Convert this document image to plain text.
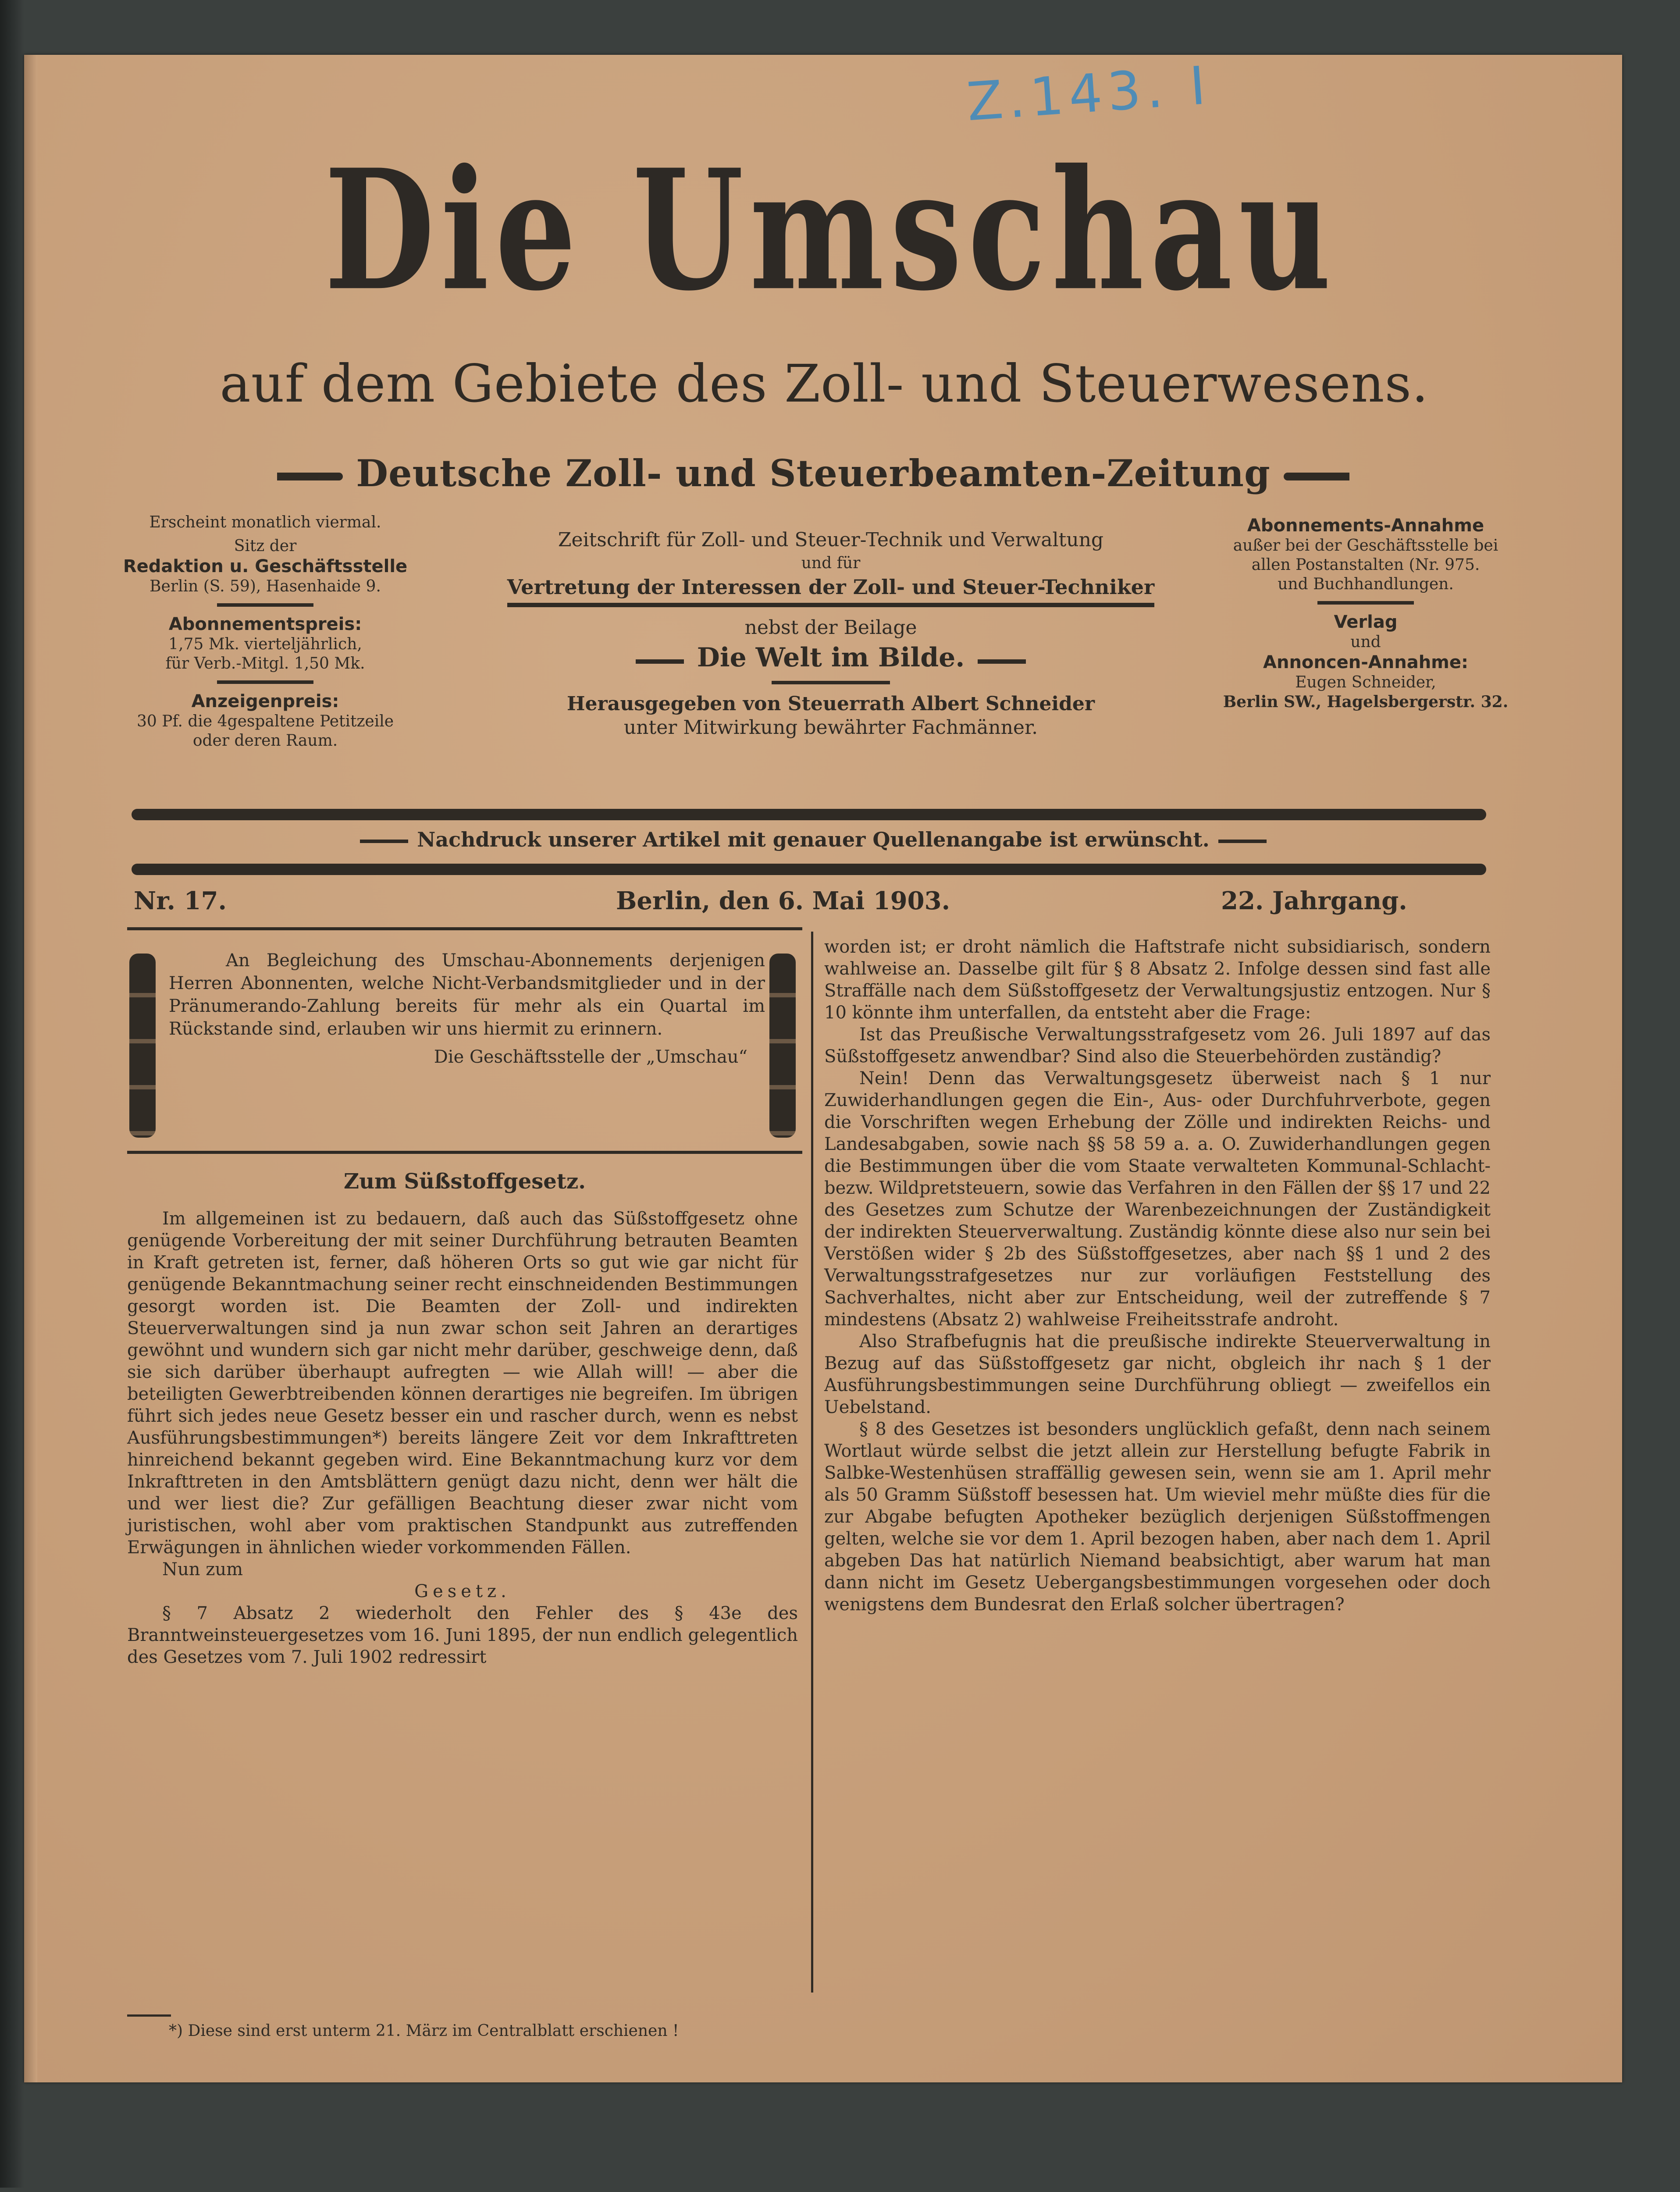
Z.143. I
Die Umschau
auf dem Gebiete des Zoll- und Steuerwesens.
Deutsche Zoll- und Steuerbeamten-Zeitung
Erscheint monatlich viermal.
Sitz der
Redaktion u. Geschäftsstelle
Berlin (S. 59), Hasenhaide 9.
Abonnementspreis:
1,75 Mk. vierteljährlich,
für Verb.-Mitgl. 1,50 Mk.
Anzeigenpreis:
30 Pf. die 4gespaltene Petitzeile
oder deren Raum.
Zeitschrift für Zoll- und Steuer-Technik und Verwaltung
und für
Vertretung der Interessen der Zoll- und Steuer-Techniker
nebst der Beilage
Die Welt im Bilde.
Herausgegeben von Steuerrath Albert Schneider
unter Mitwirkung bewährter Fachmänner.
Abonnements-Annahme
außer bei der Geschäftsstelle bei
allen Postanstalten (Nr. 975.
und Buchhandlungen.
Verlag
und
Annoncen-Annahme:
Eugen Schneider,
Berlin SW., Hagelsbergerstr. 32.
Nachdruck unserer Artikel mit genauer Quellenangabe ist erwünscht.
Nr. 17.	Berlin, den 6. Mai 1903.	22. Jahrgang.

An Begleichung des Umschau-Abonnements derjenigen Herren Abonnenten, welche Nicht-Verbandsmitglieder und in der Pränumerando-Zahlung bereits für mehr als ein Quartal im Rückstande sind, erlauben wir uns hiermit zu erinnern.

Die Geschäftsstelle der „Umschau“

Zum Süßstoffgesetz.

Im allgemeinen ist zu bedauern, daß auch das Süßstoffgesetz ohne genügende Vorbereitung der mit seiner Durchführung betrauten Beamten in Kraft getreten ist, ferner, daß höheren Orts so gut wie gar nicht für genügende Bekanntmachung seiner recht einschneidenden Bestimmungen gesorgt worden ist. Die Beamten der Zoll- und indirekten Steuerverwaltungen sind ja nun zwar schon seit Jahren an derartiges gewöhnt und wundern sich gar nicht mehr darüber, geschweige denn, daß sie sich darüber überhaupt aufregten — wie Allah will! — aber die beteiligten Gewerbtreibenden können derartiges nie begreifen. Im übrigen führt sich jedes neue Gesetz besser ein und rascher durch, wenn es nebst Ausführungsbestimmungen*) bereits längere Zeit vor dem Inkrafttreten hinreichend bekannt gegeben wird. Eine Bekanntmachung kurz vor dem Inkrafttreten in den Amtsblättern genügt dazu nicht, denn wer hält die und wer liest die? Zur gefälligen Beachtung dieser zwar nicht vom juristischen, wohl aber vom praktischen Standpunkt aus zutreffenden Erwägungen in ähnlichen wieder vorkommenden Fällen.

Nun zum

Gesetz.

§ 7 Absatz 2 wiederholt den Fehler des § 43e des Branntweinsteuergesetzes vom 16. Juni 1895, der nun endlich gelegentlich des Gesetzes vom 7. Juli 1902 redressirt

*) Diese sind erst unterm 21. März im Centralblatt erschienen !

worden ist; er droht nämlich die Haftstrafe nicht subsidiarisch, sondern wahlweise an. Dasselbe gilt für § 8 Absatz 2. Infolge dessen sind fast alle Straffälle nach dem Süßstoffgesetz der Verwaltungsjustiz entzogen. Nur § 10 könnte ihm unterfallen, da entsteht aber die Frage:

Ist das Preußische Verwaltungsstrafgesetz vom 26. Juli 1897 auf das Süßstoffgesetz anwendbar? Sind also die Steuerbehörden zuständig?

Nein! Denn das Verwaltungsgesetz überweist nach § 1 nur Zuwiderhandlungen gegen die Ein-, Aus- oder Durchfuhrverbote, gegen die Vorschriften wegen Erhebung der Zölle und indirekten Reichs- und Landesabgaben, sowie nach §§ 58 59 a. a. O. Zuwiderhandlungen gegen die Bestimmungen über die vom Staate verwalteten Kommunal-Schlacht- bezw. Wildpretsteuern, sowie das Verfahren in den Fällen der §§ 17 und 22 des Gesetzes zum Schutze der Warenbezeichnungen der Zuständigkeit der indirekten Steuerverwaltung. Zuständig könnte diese also nur sein bei Verstößen wider § 2b des Süßstoffgesetzes, aber nach §§ 1 und 2 des Verwaltungsstrafgesetzes nur zur vorläufigen Feststellung des Sachverhaltes, nicht aber zur Entscheidung, weil der zutreffende § 7 mindestens (Absatz 2) wahlweise Freiheitsstrafe androht.

Also Strafbefugnis hat die preußische indirekte Steuerverwaltung in Bezug auf das Süßstoffgesetz gar nicht, obgleich ihr nach § 1 der Ausführungsbestimmungen seine Durchführung obliegt — zweifellos ein Uebelstand.

§ 8 des Gesetzes ist besonders unglücklich gefaßt, denn nach seinem Wortlaut würde selbst die jetzt allein zur Herstellung befugte Fabrik in Salbke-Westenhüsen straffällig gewesen sein, wenn sie am 1. April mehr als 50 Gramm Süßstoff besessen hat. Um wieviel mehr müßte dies für die zur Abgabe befugten Apotheker bezüglich derjenigen Süßstoffmengen gelten, welche sie vor dem 1. April bezogen haben, aber nach dem 1. April abgeben Das hat natürlich Niemand beabsichtigt, aber warum hat man dann nicht im Gesetz Uebergangsbestimmungen vorgesehen oder doch wenigstens dem Bundesrat den Erlaß solcher übertragen?
